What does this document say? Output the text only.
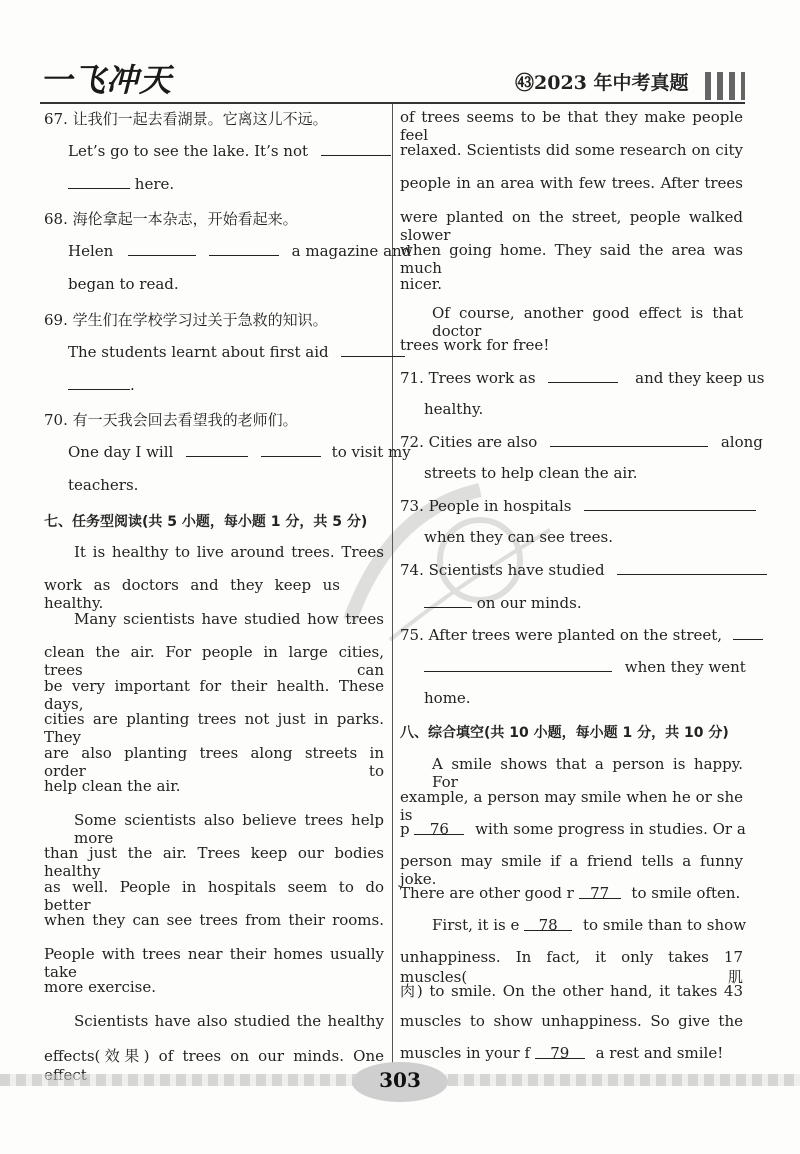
一飞冲天	㊸2023 年中考真题
67. 让我们一起去看湖景。它离这儿不远。
Let’s go to see the lake. It’s not
here.
68. 海伦拿起一本杂志，开始看起来。
Helen	a magazine and
began to read.
69. 学生们在学校学习过关于急救的知识。
The students learnt about first aid
.
70. 有一天我会回去看望我的老师们。
One day I will	to visit my
teachers.
七、任务型阅读(共 5 小题，每小题 1 分，共 5 分)
It is healthy to live around trees. Trees
work as doctors and they keep us healthy.
Many scientists have studied how trees
clean the air. For people in large cities, trees can
be very important for their health. These days,
cities are planting trees not just in parks. They
are also planting trees along streets in order to
help clean the air.
Some scientists also believe trees help more
than just the air. Trees keep our bodies healthy
as well. People in hospitals seem to do better
when they can see trees from their rooms.
People with trees near their homes usually take
more exercise.
Scientists have also studied the healthy
effects(效果) of trees on our minds. One
of trees seems to be that they make people feel
relaxed. Scientists did some research on city
people in an area with few trees. After trees
were planted on the street, people walked slower
when going home. They said the area was much
nicer.
Of course, another good effect is that doctor
trees work for free!
71. Trees work as	and they keep us
healthy.
72. Cities are also	along
streets to help clean the air.
73. People in hospitals
when they can see trees.
74. Scientists have studied
on our minds.
75. After trees were planted on the street,
when they went
home.
八、综合填空(共 10 小题，每小题 1 分，共 10 分)
A smile shows that a person is happy. For
example, a person may smile when he or she is
p 76 with some progress in studies. Or a
person may smile if a friend tells a funny joke.
There are other good r 77 to smile often.
First, it is e 78 to smile than to show
unhappiness. In fact, it only takes 17 muscles(肌
肉) to smile. On the other hand, it takes 43
muscles to show unhappiness. So give the
muscles in your f 79 a rest and smile!
303
